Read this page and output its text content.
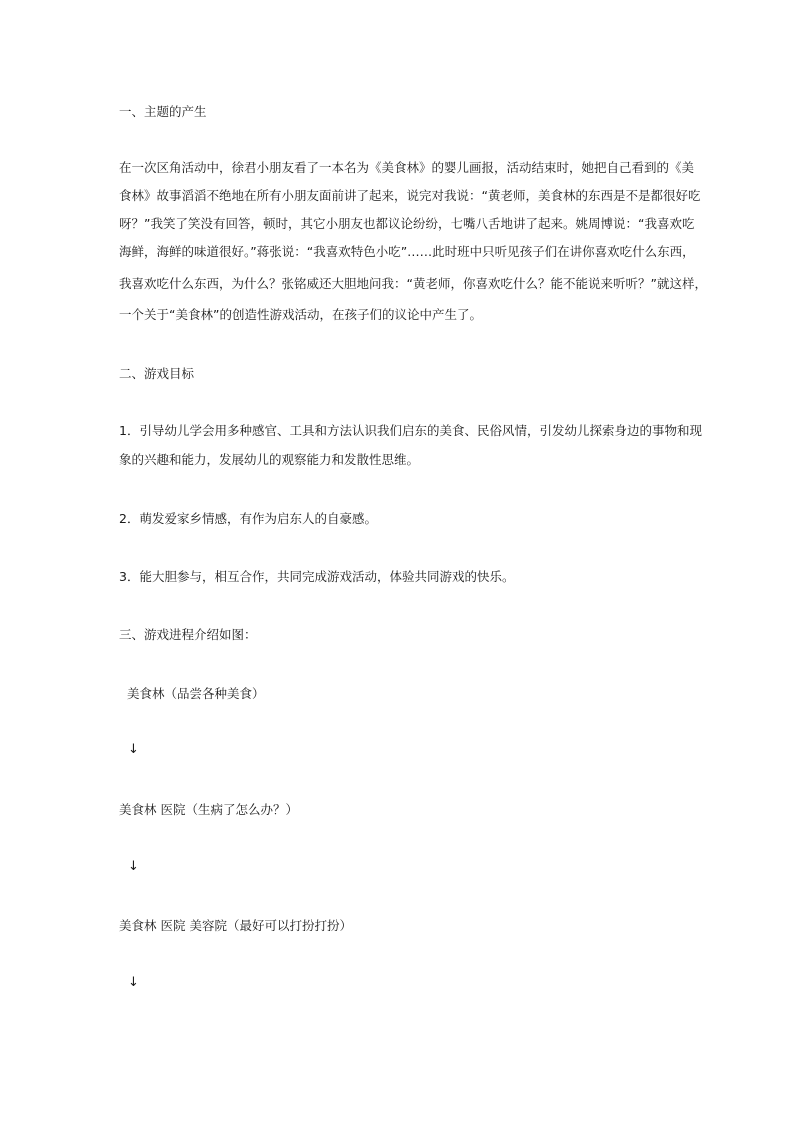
一、主题的产生
在一次区角活动中，徐君小朋友看了一本名为《美食林》的婴儿画报，活动结束时，她把自己看到的《美
食林》故事滔滔不绝地在所有小朋友面前讲了起来，说完对我说：“黄老师，美食林的东西是不是都很好吃
呀？”我笑了笑没有回答，顿时，其它小朋友也都议论纷纷，七嘴八舌地讲了起来。姚周博说：“我喜欢吃
海鲜，海鲜的味道很好。”蒋张说：“我喜欢特色小吃”……此时班中只听见孩子们在讲你喜欢吃什么东西，
我喜欢吃什么东西，为什么？张铭威还大胆地问我：“黄老师，你喜欢吃什么？能不能说来听听？”就这样，
一个关于“美食林”的创造性游戏活动，在孩子们的议论中产生了。
二、游戏目标
1．引导幼儿学会用多种感官、工具和方法认识我们启东的美食、民俗风情，引发幼儿探索身边的事物和现
象的兴趣和能力，发展幼儿的观察能力和发散性思维。
2．萌发爱家乡情感，有作为启东人的自豪感。
3．能大胆参与，相互合作，共同完成游戏活动，体验共同游戏的快乐。
三、游戏进程介绍如图：
美食林（品尝各种美食）
↓
美食林 医院（生病了怎么办？）
↓
美食林 医院 美容院（最好可以打扮打扮）
↓
